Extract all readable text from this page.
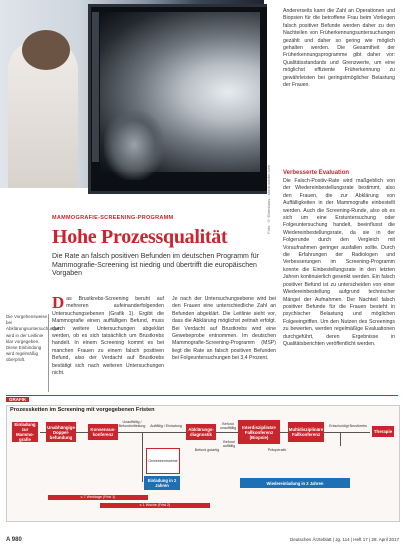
Foto: © Eisenhans - stock.adobe.com
Andererseits kann die Zahl an Operationen und Biopsien für die betroffene Frau beim Vorliegen falsch positiver Befunde werden daher zu den Nachteilen von Früherkennungsuntersuchungen gezählt und daher so gering wie möglich gehalten werden. Die Gesamtheit der Früherkennungsprogramme gibt daher vor: Qualitätsstandards und Grenzwerte, um eine möglichst effiziente Früherkennung zu gewährleisten bei geringstmöglicher Belastung der Frauen.
Verbesserte Evaluation
Die Falsch-Positiv-Rate wird maßgeblich von der Wiedereinbestellungsrate bestimmt, also den Frauen, die zur Abklärung von Auffälligkeiten in der Mammografie einbestellt werden. Auch die Screening-Runde, also ob es sich um eine Erstuntersuchung oder Folgeuntersuchung handelt, beeinflusst die Wiedereinbestellungsrate, da sie in der Folgerunde durch den Vergleich mit Voraufnahmen geringer ausfallen sollte. Durch die Erfahrungen der Radiologen und Verbesserungen im Screening-Programm konnte die Einbestellungsrate in den letzten Jahren kontinuierlich gesenkt werden. Ein falsch positiver Befund ist zu unterscheiden von einer Wiedereinbestellung aufgrund technischer Mängel der Aufnahmen. Der Nachteil falsch positiver Befunde für die Frauen besteht in psychischer Belastung und möglichen Folgeeingriffen. Um den Nutzen des Screenings zu bewerten, werden regelmäßige Evaluationen durchgeführt, deren Ergebnisse in Qualitätsberichten veröffentlicht werden.
MAMMOGRAFIE-SCREENING-PROGRAMM
Hohe Prozessqualität
Die Rate an falsch positiven Befunden im deutschen Programm für Mammografie-Screening ist niedrig und übertrifft die europäischen Vorgaben
Die Vorgehensweise bei Abklärungsuntersuchungen wird in der Leitlinie klar vorgegeben. Diese Einbindung wird regelmäßig überprüft.
Das Brustkrebs-Screening beruht auf mehreren aufeinanderfolgenden Untersuchungsebenen (Grafik 1). Ergibt die Mammografie einen auffälligen Befund, muss durch weitere Untersuchungen abgeklärt werden, ob es sich tatsächlich um Brustkrebs handelt. In einem Screening kommt es bei manchen Frauen zu einem falsch positiven Befund, also der Verdacht auf Brustkrebs bestätigt sich nach weiteren Untersuchungen nicht.
Je nach der Untersuchungsebene wird bei den Frauen eine unterschiedliche Zahl an Befunden abgeklärt. Die Leitlinie sieht vor, dass die Abklärung möglichst zeitnah erfolgt. Bei Verdacht auf Brustkrebs wird eine Gewebeprobe entnommen. Im deutschen Mammografie-Screening-Programm (MSP) liegt die Rate an falsch positiven Befunden bei Folgeuntersuchungen bei 3,4 Prozent.
GRAFIK
Prozessketten im Screening mit vorgegebenen Fristen
Einladung zur Mammo-grafie
Unabhängige Doppel-befundung
Konsensus-konferenz
Abklärungs-diagnostik
Interdisziplinäre Fallkonferenz (Biopsie)
Multidisziplinäre Fallkonferenz
Therapie
Unauffällig / Befundmitteilung Auffällig / Einladung	Befund unauffällig
Befund auffällig
Entschuldigt Brustkrebs
Gewebeentnahme
Befund gutartig	Präoperativ
Einladung in 2 Jahren	Wiedereinladung in 2 Jahren
≤ 7 Werktage (Frist 1)
≤ 1 Woche (Frist 2)
A 980	Deutsches Ärzteblatt | Jg. 114 | Heft 17 | 28. April 2017
